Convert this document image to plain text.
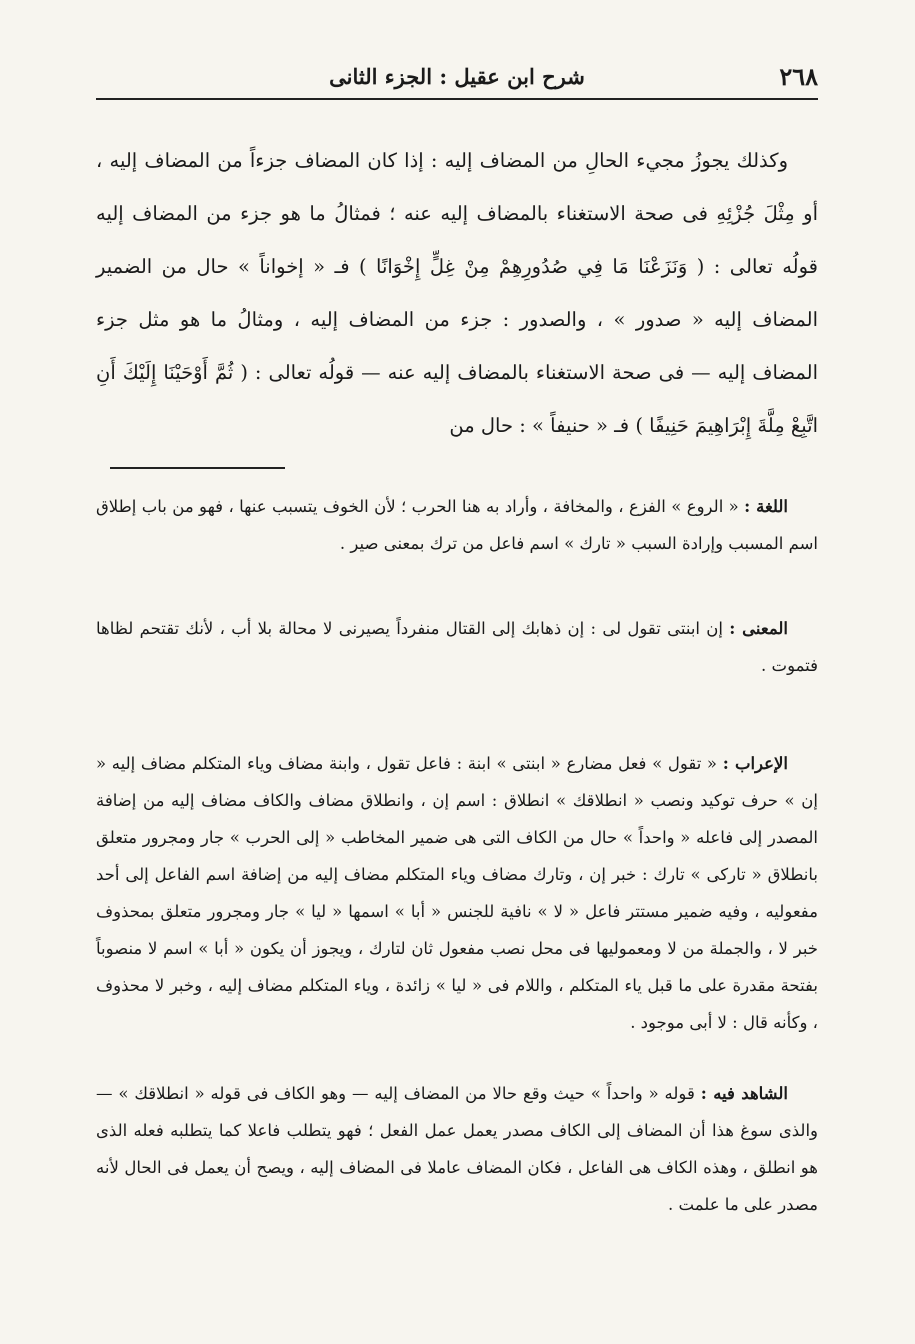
٢٦٨
شرح ابن عقيل : الجزء الثانى

وكذلك يجوزُ مجيء الحالِ من المضاف إليه : إذا كان المضاف جزءاً من المضاف إليه ، أو مِثْلَ جُزْئِهِ فى صحة الاستغناء بالمضاف إليه عنه ؛ فمثالُ ما هو جزء من المضاف إليه قولُه تعالى : ( وَنَزَعْنَا مَا فِي صُدُورِهِمْ مِنْ غِلٍّ إِخْوَانًا ) فـ « إخواناً » حال من الضمير المضاف إليه « صدور » ، والصدور : جزء من المضاف إليه ، ومثالُ ما هو مثل جزء المضاف إليه — فى صحة الاستغناء بالمضاف إليه عنه — قولُه تعالى : ( ثُمَّ أَوْحَيْنَا إِلَيْكَ أَنِ اتَّبِعْ مِلَّةَ إِبْرَاهِيمَ حَنِيفًا ) فـ « حنيفاً » : حال من

اللغة : « الروع » الفزع ، والمخافة ، وأراد به هنا الحرب ؛ لأن الخوف يتسبب عنها ، فهو من باب إطلاق اسم المسبب وإرادة السبب « تارك » اسم فاعل من ترك بمعنى صير .

المعنى : إن ابنتى تقول لى : إن ذهابك إلى القتال منفرداً يصيرنى لا محالة بلا أب ، لأنك تقتحم لظاها فتموت .

الإعراب : « تقول » فعل مضارع « ابنتى » ابنة : فاعل تقول ، وابنة مضاف وياء المتكلم مضاف إليه « إن » حرف توكيد ونصب « انطلاقك » انطلاق : اسم إن ، وانطلاق مضاف والكاف مضاف إليه من إضافة المصدر إلى فاعله « واحداً » حال من الكاف التى هى ضمير المخاطب « إلى الحرب » جار ومجرور متعلق بانطلاق « تاركى » تارك : خبر إن ، وتارك مضاف وياء المتكلم مضاف إليه من إضافة اسم الفاعل إلى أحد مفعوليه ، وفيه ضمير مستتر فاعل « لا » نافية للجنس « أبا » اسمها « ليا » جار ومجرور متعلق بمحذوف خبر لا ، والجملة من لا ومعموليها فى محل نصب مفعول ثان لتارك ، ويجوز أن يكون « أبا » اسم لا منصوباً بفتحة مقدرة على ما قبل ياء المتكلم ، واللام فى « ليا » زائدة ، وياء المتكلم مضاف إليه ، وخبر لا محذوف ، وكأنه قال : لا أبى موجود .

الشاهد فيه : قوله « واحداً » حيث وقع حالا من المضاف إليه — وهو الكاف فى قوله « انطلاقك » — والذى سوغ هذا أن المضاف إلى الكاف مصدر يعمل عمل الفعل ؛ فهو يتطلب فاعلا كما يتطلبه فعله الذى هو انطلق ، وهذه الكاف هى الفاعل ، فكان المضاف عاملا فى المضاف إليه ، ويصح أن يعمل فى الحال لأنه مصدر على ما علمت .
